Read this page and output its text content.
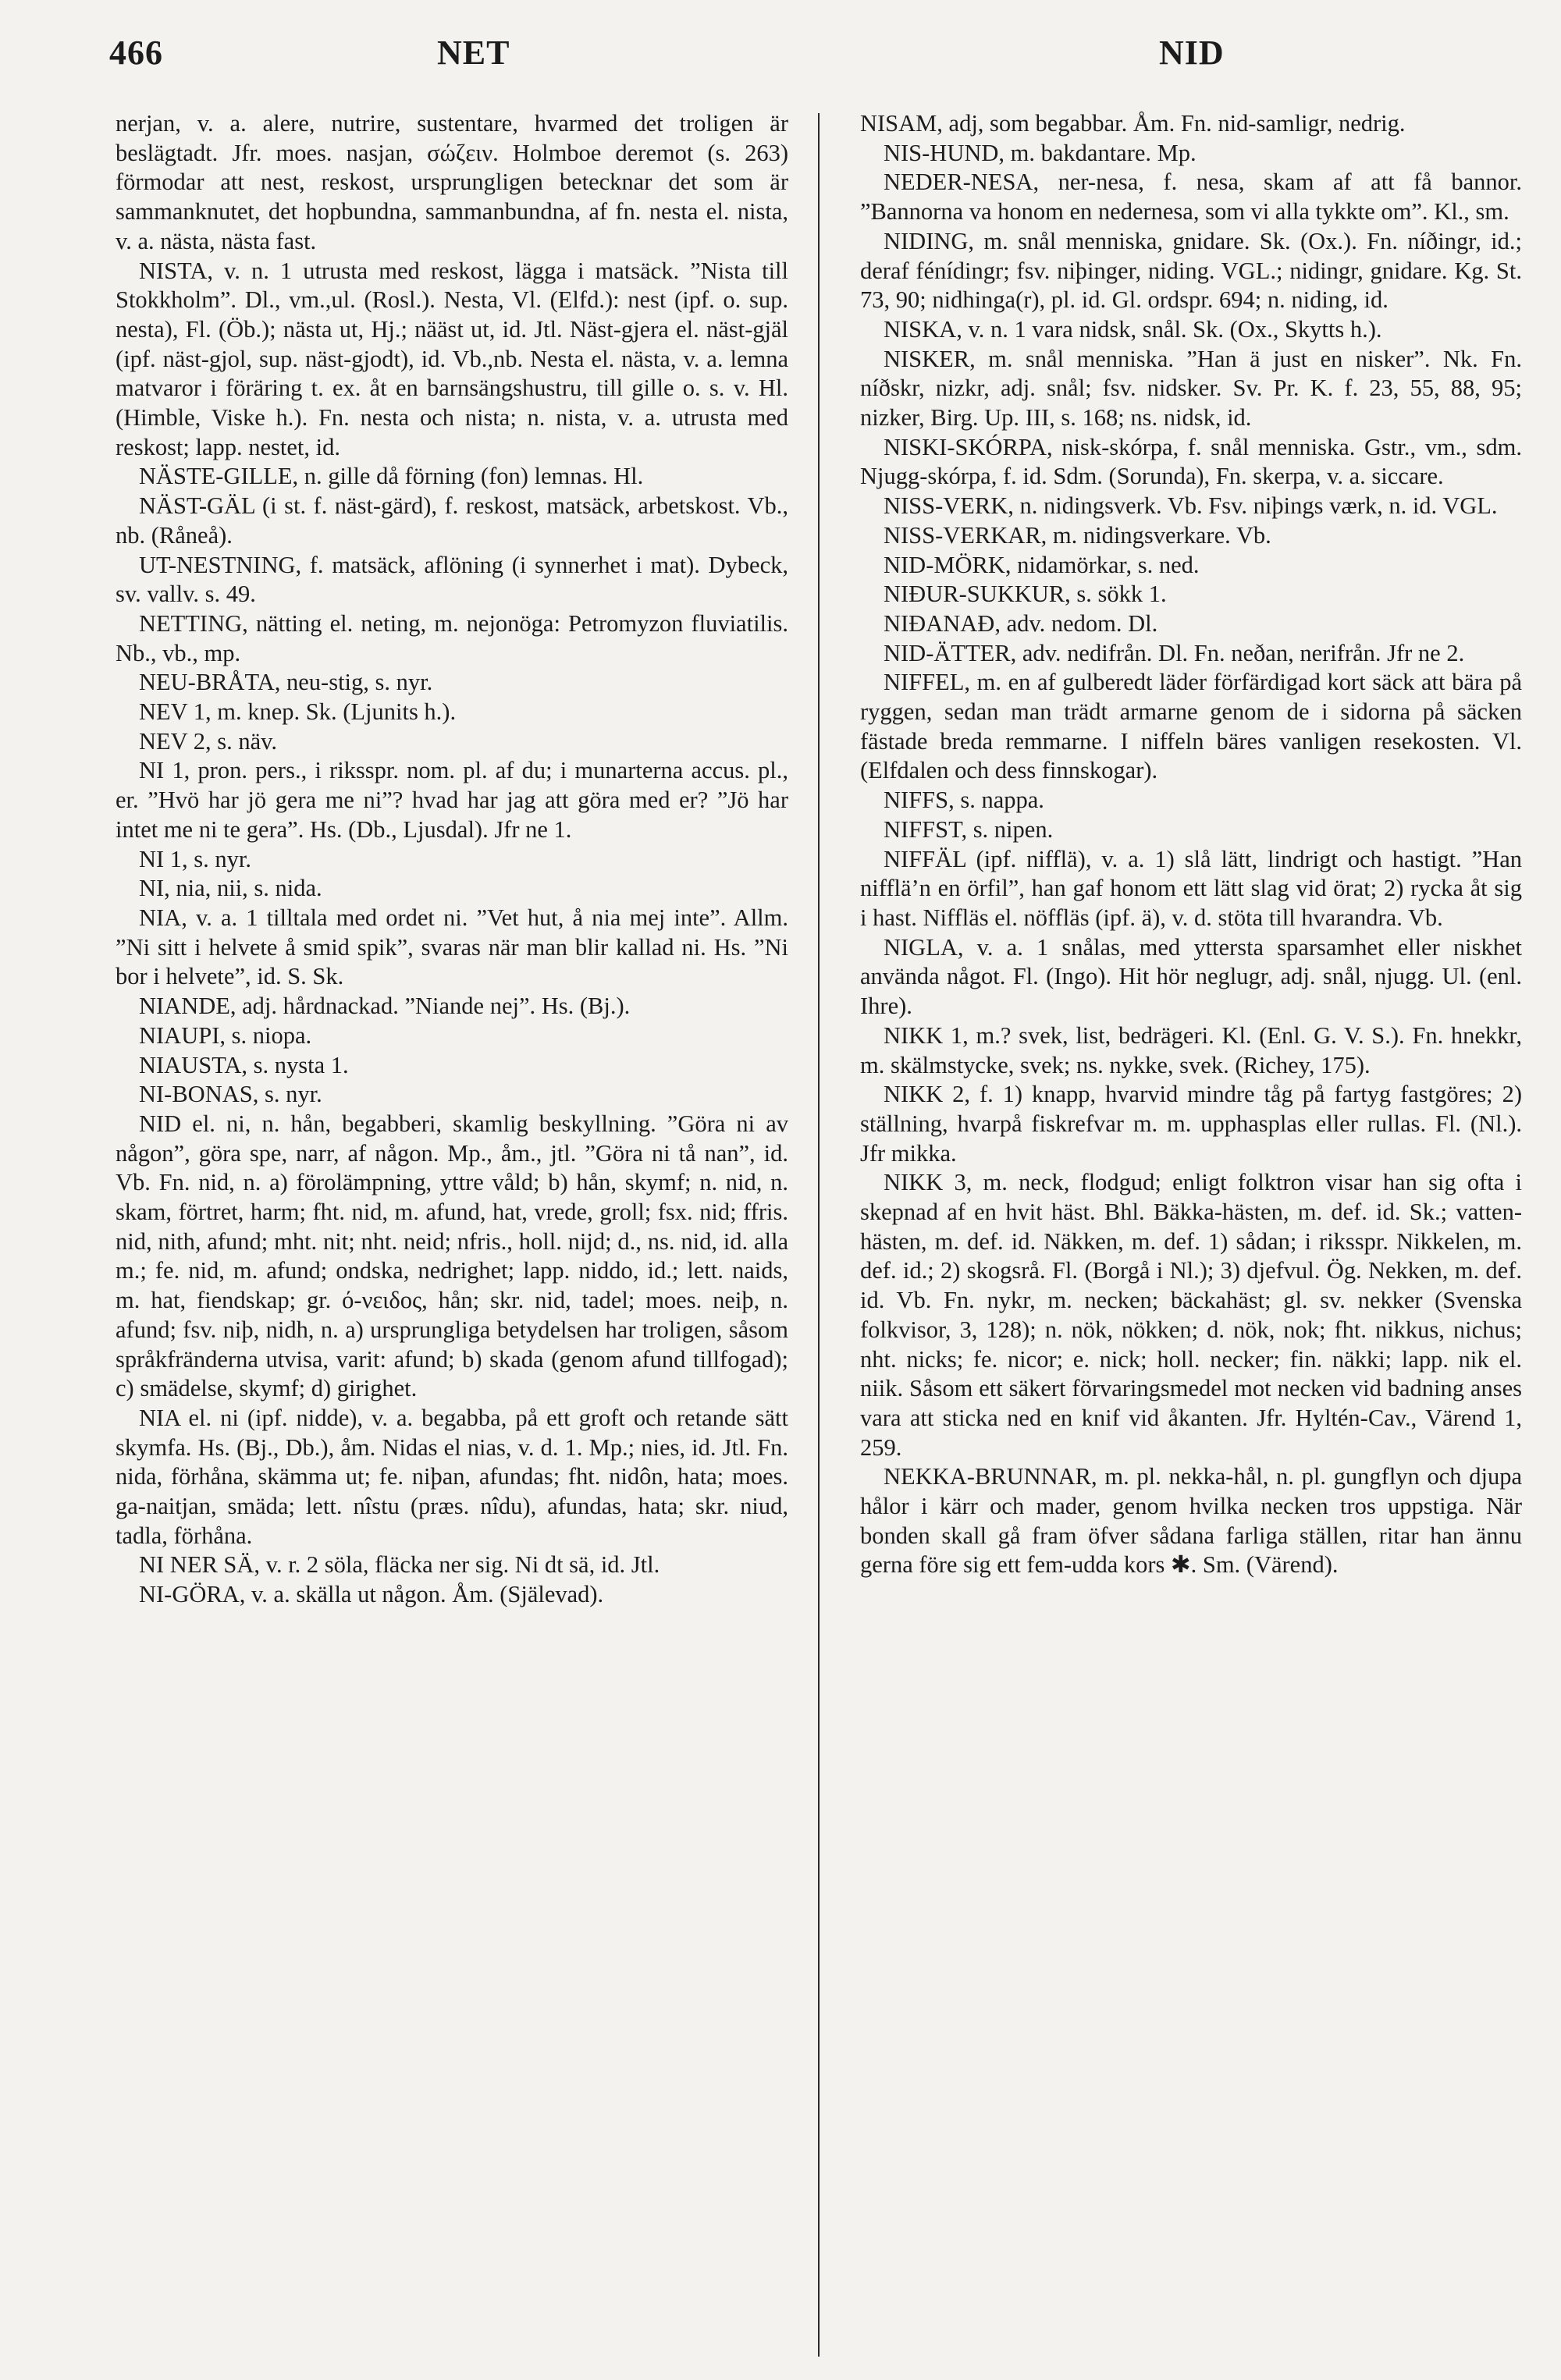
466	NET	NID

nerjan, v. a. alere, nutrire, sustentare, hvarmed det troligen är beslägtadt. Jfr. moes. nasjan, σώζειν. Holmboe deremot (s. 263) förmodar att nest, reskost, ursprungligen betecknar det som är sammanknutet, det hopbundna, sammanbundna, af fn. nesta el. nista, v. a. nästa, nästa fast.

NISTA, v. n. 1 utrusta med reskost, lägga i matsäck. ”Nista till Stokkholm”. Dl., vm.,ul. (Rosl.). Nesta, Vl. (Elfd.): nest (ipf. o. sup. nesta), Fl. (Öb.); nästa ut, Hj.; nääst ut, id. Jtl. Näst-gjera el. näst-gjäl (ipf. näst-gjol, sup. näst-gjodt), id. Vb.,nb. Nesta el. nästa, v. a. lemna matvaror i föräring t. ex. åt en barnsängshustru, till gille o. s. v. Hl. (Himble, Viske h.). Fn. nesta och nista; n. nista, v. a. utrusta med reskost; lapp. nestet, id.

NÄSTE-GILLE, n. gille då förning (fon) lemnas. Hl.

NÄST-GÄL (i st. f. näst-gärd), f. reskost, matsäck, arbetskost. Vb., nb. (Råneå).

UT-NESTNING, f. matsäck, aflöning (i synnerhet i mat). Dybeck, sv. vallv. s. 49.

NETTING, nätting el. neting, m. nejonöga: Petromyzon fluviatilis. Nb., vb., mp.

NEU-BRÅTA, neu-stig, s. nyr.

NEV 1, m. knep. Sk. (Ljunits h.).

NEV 2, s. näv.

NI 1, pron. pers., i riksspr. nom. pl. af du; i munarterna accus. pl., er. ”Hvö har jö gera me ni”? hvad har jag att göra med er? ”Jö har intet me ni te gera”. Hs. (Db., Ljusdal). Jfr ne 1.

NI 1, s. nyr.

NI, nia, nii, s. nida.

NIA, v. a. 1 tilltala med ordet ni. ”Vet hut, å nia mej inte”. Allm. ”Ni sitt i helvete å smid spik”, svaras när man blir kallad ni. Hs. ”Ni bor i helvete”, id. S. Sk.

NIANDE, adj. hårdnackad. ”Niande nej”. Hs. (Bj.).

NIAUPI, s. niopa.

NIAUSTA, s. nysta 1.

NI-BONAS, s. nyr.

NID el. ni, n. hån, begabberi, skamlig beskyllning. ”Göra ni av någon”, göra spe, narr, af någon. Mp., åm., jtl. ”Göra ni tå nan”, id. Vb. Fn. nid, n. a) förolämpning, yttre våld; b) hån, skymf; n. nid, n. skam, förtret, harm; fht. nid, m. afund, hat, vrede, groll; fsx. nid; ffris. nid, nith, afund; mht. nit; nht. neid; nfris., holl. nijd; d., ns. nid, id. alla m.; fe. nid, m. afund; ondska, nedrighet; lapp. niddo, id.; lett. naids, m. hat, fiendskap; gr. ό-νειδος, hån; skr. nid, tadel; moes. neiþ, n. afund; fsv. niþ, nidh, n. a) ursprungliga betydelsen har troligen, såsom språkfränderna utvisa, varit: afund; b) skada (genom afund tillfogad); c) smädelse, skymf; d) girighet.

NIA el. ni (ipf. nidde), v. a. begabba, på ett groft och retande sätt skymfa. Hs. (Bj., Db.), åm. Nidas el nias, v. d. 1. Mp.; nies, id. Jtl. Fn. nida, förhåna, skämma ut; fe. niþan, afundas; fht. nidôn, hata; moes. ga-naitjan, smäda; lett. nîstu (præs. nîdu), afundas, hata; skr. niud, tadla, förhåna.

NI NER SÄ, v. r. 2 söla, fläcka ner sig. Ni dt sä, id. Jtl.

NI-GÖRA, v. a. skälla ut någon. Åm. (Själevad).

NISAM, adj, som begabbar. Åm. Fn. nid-samligr, nedrig.

NIS-HUND, m. bakdantare. Mp.

NEDER-NESA, ner-nesa, f. nesa, skam af att få bannor. ”Bannorna va honom en nedernesa, som vi alla tykkte om”. Kl., sm.

NIDING, m. snål menniska, gnidare. Sk. (Ox.). Fn. níðingr, id.; deraf fénídingr; fsv. niþinger, niding. VGL.; nidingr, gnidare. Kg. St. 73, 90; nidhinga(r), pl. id. Gl. ordspr. 694; n. niding, id.

NISKA, v. n. 1 vara nidsk, snål. Sk. (Ox., Skytts h.).

NISKER, m. snål menniska. ”Han ä just en nisker”. Nk. Fn. níðskr, nizkr, adj. snål; fsv. nidsker. Sv. Pr. K. f. 23, 55, 88, 95; nizker, Birg. Up. III, s. 168; ns. nidsk, id.

NISKI-SKÓRPA, nisk-skórpa, f. snål menniska. Gstr., vm., sdm. Njugg-skórpa, f. id. Sdm. (Sorunda), Fn. skerpa, v. a. siccare.

NISS-VERK, n. nidingsverk. Vb. Fsv. niþings værk, n. id. VGL.

NISS-VERKAR, m. nidingsverkare. Vb.

NID-MÖRK, nidamörkar, s. ned.

NIÐUR-SUKKUR, s. sökk 1.

NIÐANAÐ, adv. nedom. Dl.

NID-ÄTTER, adv. nedifrån. Dl. Fn. neðan, nerifrån. Jfr ne 2.

NIFFEL, m. en af gulberedt läder förfärdigad kort säck att bära på ryggen, sedan man trädt armarne genom de i sidorna på säcken fästade breda remmarne. I niffeln bäres vanligen resekosten. Vl. (Elfdalen och dess finnskogar).

NIFFS, s. nappa.

NIFFST, s. nipen.

NIFFÄL (ipf. nifflä), v. a. 1) slå lätt, lindrigt och hastigt. ”Han nifflä’n en örfil”, han gaf honom ett lätt slag vid örat; 2) rycka åt sig i hast. Niffläs el. nöffläs (ipf. ä), v. d. stöta till hvarandra. Vb.

NIGLA, v. a. 1 snålas, med yttersta sparsamhet eller niskhet använda något. Fl. (Ingo). Hit hör neglugr, adj. snål, njugg. Ul. (enl. Ihre).

NIKK 1, m.? svek, list, bedrägeri. Kl. (Enl. G. V. S.). Fn. hnekkr, m. skälmstycke, svek; ns. nykke, svek. (Richey, 175).

NIKK 2, f. 1) knapp, hvarvid mindre tåg på fartyg fastgöres; 2) ställning, hvarpå fiskrefvar m. m. upphasplas eller rullas. Fl. (Nl.). Jfr mikka.

NIKK 3, m. neck, flodgud; enligt folktron visar han sig ofta i skepnad af en hvit häst. Bhl. Bäkka-hästen, m. def. id. Sk.; vatten-hästen, m. def. id. Näkken, m. def. 1) sådan; i riksspr. Nikkelen, m. def. id.; 2) skogsrå. Fl. (Borgå i Nl.); 3) djefvul. Ög. Nekken, m. def. id. Vb. Fn. nykr, m. necken; bäckahäst; gl. sv. nekker (Svenska folkvisor, 3, 128); n. nök, nökken; d. nök, nok; fht. nikkus, nichus; nht. nicks; fe. nicor; e. nick; holl. necker; fin. näkki; lapp. nik el. niik. Såsom ett säkert förvaringsmedel mot necken vid badning anses vara att sticka ned en knif vid åkanten. Jfr. Hyltén-Cav., Värend 1, 259.

NEKKA-BRUNNAR, m. pl. nekka-hål, n. pl. gungflyn och djupa hålor i kärr och mader, genom hvilka necken tros uppstiga. När bonden skall gå fram öfver sådana farliga ställen, ritar han ännu gerna före sig ett fem-udda kors ✱. Sm. (Värend).
